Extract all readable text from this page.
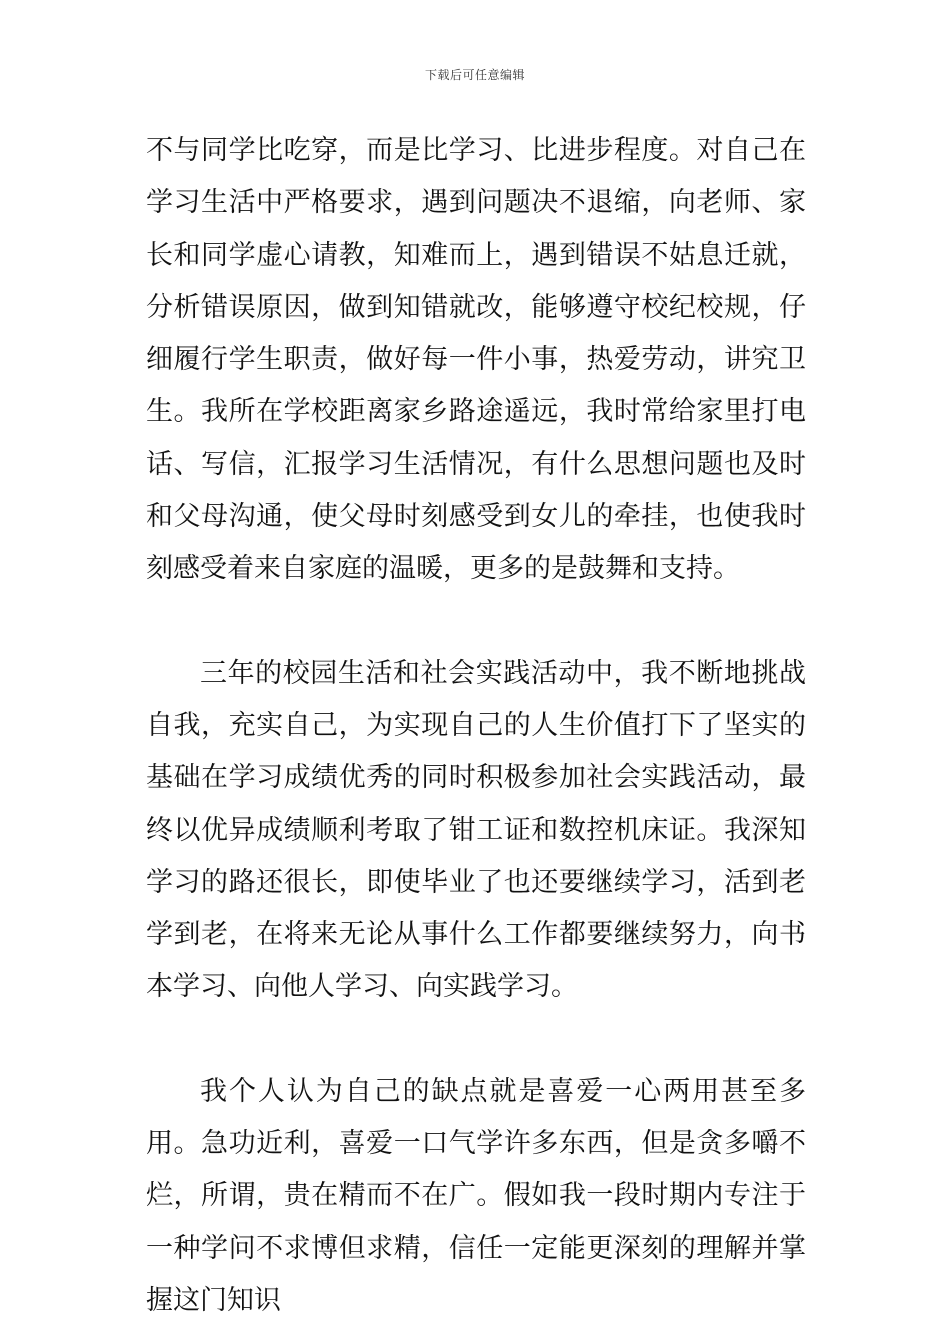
下载后可任意编辑

不与同学比吃穿，而是比学习、比进步程度。对自己在学习生活中严格要求，遇到问题决不退缩，向老师、家长和同学虚心请教，知难而上，遇到错误不姑息迁就，分析错误原因，做到知错就改，能够遵守校纪校规，仔细履行学生职责，做好每一件小事，热爱劳动，讲究卫生。我所在学校距离家乡路途遥远，我时常给家里打电话、写信，汇报学习生活情况，有什么思想问题也及时和父母沟通，使父母时刻感受到女儿的牵挂，也使我时刻感受着来自家庭的温暖，更多的是鼓舞和支持。

三年的校园生活和社会实践活动中，我不断地挑战自我，充实自己，为实现自己的人生价值打下了坚实的基础在学习成绩优秀的同时积极参加社会实践活动，最终以优异成绩顺利考取了钳工证和数控机床证。我深知学习的路还很长，即使毕业了也还要继续学习，活到老学到老，在将来无论从事什么工作都要继续努力，向书本学习、向他人学习、向实践学习。

我个人认为自己的缺点就是喜爱一心两用甚至多用。急功近利，喜爱一口气学许多东西，但是贪多嚼不烂，所谓，贵在精而不在广。假如我一段时期内专注于一种学问不求博但求精，信任一定能更深刻的理解并掌握这门知识
